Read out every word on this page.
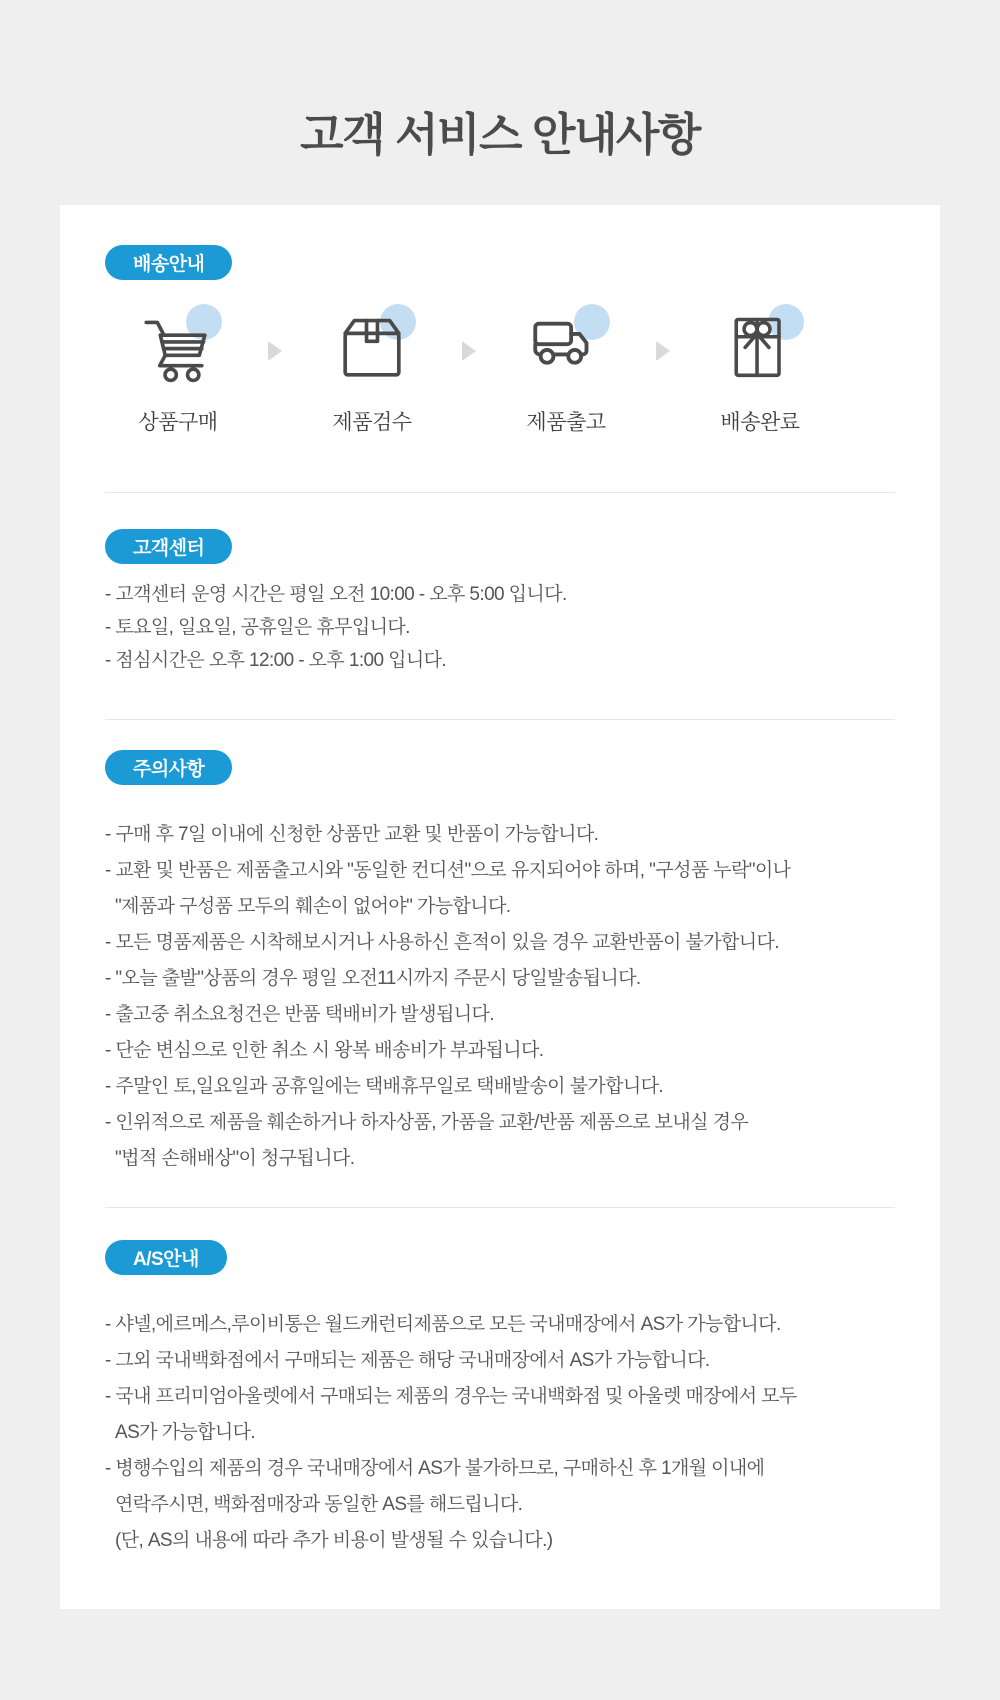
고객 서비스 안내사항
배송안내
상품구매	제품검수	제품출고	배송완료
고객센터
- 고객센터 운영 시간은 평일 오전 10:00 - 오후 5:00 입니다.
- 토요일, 일요일, 공휴일은 휴무입니다.
- 점심시간은 오후 12:00 - 오후 1:00 입니다.
주의사항
- 구매 후 7일 이내에 신청한 상품만 교환 및 반품이 가능합니다.
- 교환 및 반품은 제품출고시와 "동일한 컨디션"으로 유지되어야 하며, "구성품 누락"이나
"제품과 구성품 모두의 훼손이 없어야" 가능합니다.
- 모든 명품제품은 시착해보시거나 사용하신 흔적이 있을 경우 교환반품이 불가합니다.
- "오늘 출발"상품의 경우 평일 오전11시까지 주문시 당일발송됩니다.
- 출고중 취소요청건은 반품 택배비가 발생됩니다.
- 단순 변심으로 인한 취소 시 왕복 배송비가 부과됩니다.
- 주말인 토,일요일과 공휴일에는 택배휴무일로 택배발송이 불가합니다.
- 인위적으로 제품을 훼손하거나 하자상품, 가품을 교환/반품 제품으로 보내실 경우
"법적 손해배상"이 청구됩니다.
A/S안내
- 샤넬,에르메스,루이비통은 월드캐런티제품으로 모든 국내매장에서 AS가 가능합니다.
- 그외 국내백화점에서 구매되는 제품은 해당 국내매장에서 AS가 가능합니다.
- 국내 프리미엄아울렛에서 구매되는 제품의 경우는 국내백화점 및 아울렛 매장에서 모두
AS가 가능합니다.
- 병행수입의 제품의 경우 국내매장에서 AS가 불가하므로, 구매하신 후 1개월 이내에
연락주시면, 백화점매장과 동일한 AS를 해드립니다.
(단, AS의 내용에 따라 추가 비용이 발생될 수 있습니다.)
